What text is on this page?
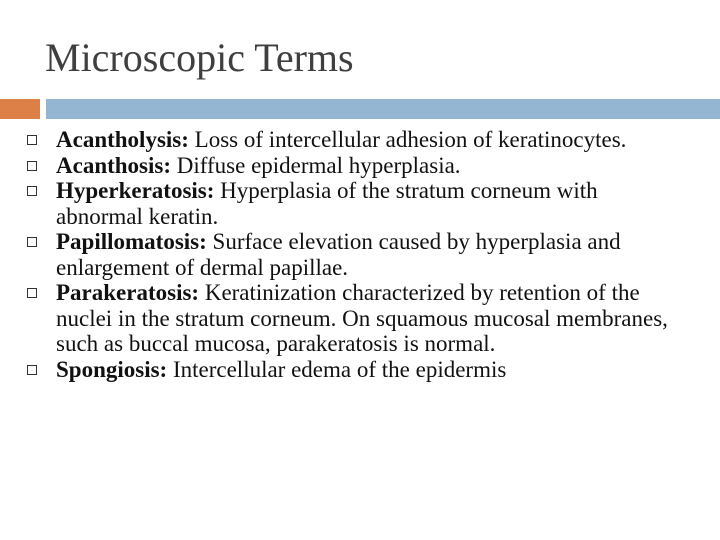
Microscopic Terms
Acantholysis: Loss of intercellular adhesion of keratinocytes.
Acanthosis: Diffuse epidermal hyperplasia.
Hyperkeratosis: Hyperplasia of the stratum corneum with abnormal keratin.
Papillomatosis: Surface elevation caused by hyperplasia and enlargement of dermal papillae.
Parakeratosis: Keratinization characterized by retention of the nuclei in the stratum corneum. On squamous mucosal membranes, such as buccal mucosa, parakeratosis is normal.
Spongiosis: Intercellular edema of the epidermis
